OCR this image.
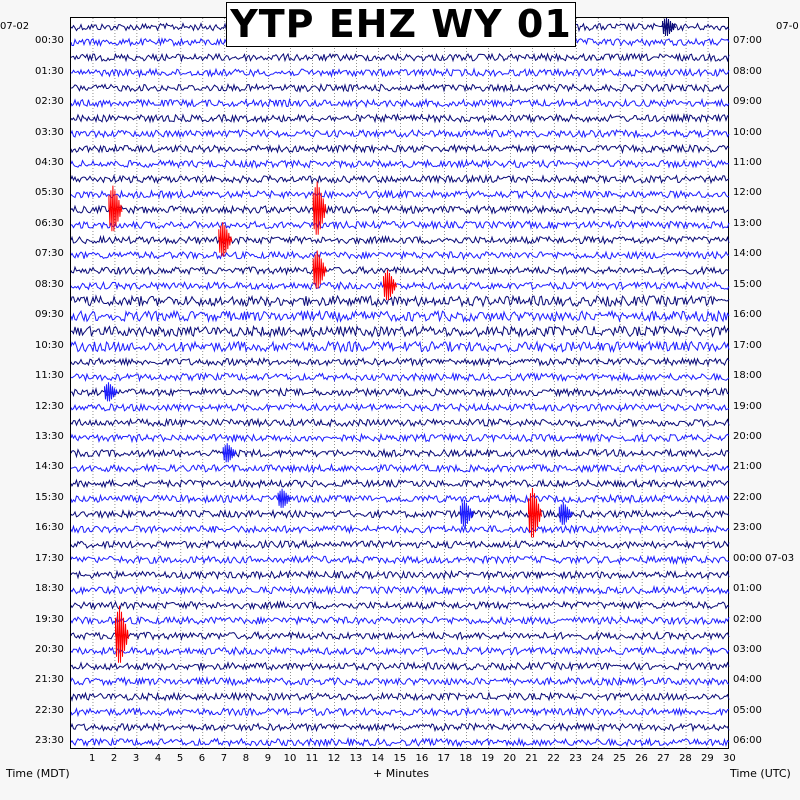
YTP EHZ WY 01
00:30
01:30
02:30
03:30
04:30
05:30
06:30
07:30
08:30
09:30
10:30
11:30
12:30
13:30
14:30
15:30
16:30
17:30
18:30
19:30
20:30
21:30
22:30
23:30
07:00
08:00
09:00
10:00
11:00
12:00
13:00
14:00
15:00
16:00
17:00
18:00
19:00
20:00
21:00
22:00
23:00
00:00 07-03
01:00
02:00
03:00
04:00
05:00
06:00
1 2 3 4 5 6 7 8 9 10 11 12 13 14 15 16 17 18 19 20 21 22 23 24 25 26 27 28 29 30
07-02	07-0
Time (MDT)	+ Minutes	Time (UTC)
